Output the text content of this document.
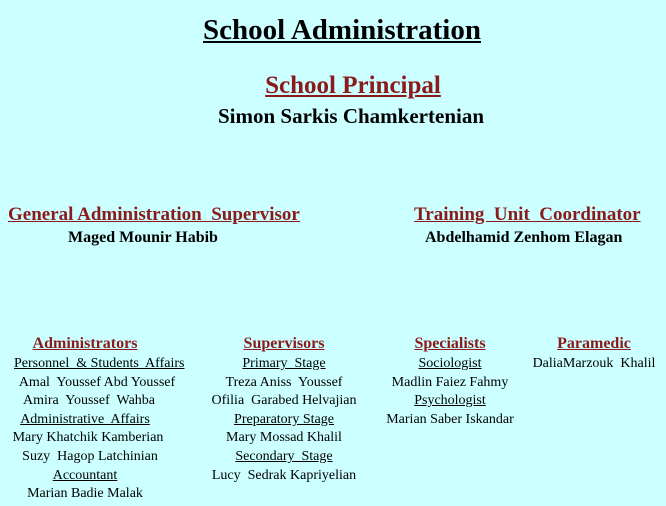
School Administration
School Principal
Simon Sarkis Chamkertenian
General Administration  Supervisor
Maged Mounir Habib
Training  Unit  Coordinator
Abdelhamid Zenhom Elagan
Administrators
Personnel  & Students  Affairs
Amal  Youssef Abd Youssef
Amira  Youssef  Wahba
Administrative  Affairs
Mary Khatchik Kamberian
Suzy  Hagop Latchinian
Accountant
Marian Badie Malak
Supervisors
Primary  Stage
Treza Aniss  Youssef
Ofilia  Garabed Helvajian
Preparatory Stage
Mary Mossad Khalil
Secondary  Stage
Lucy  Sedrak Kapriyelian
Specialists
Sociologist
Madlin Faiez Fahmy
Psychologist
Marian Saber Iskandar
Paramedic
DaliaMarzouk  Khalil
